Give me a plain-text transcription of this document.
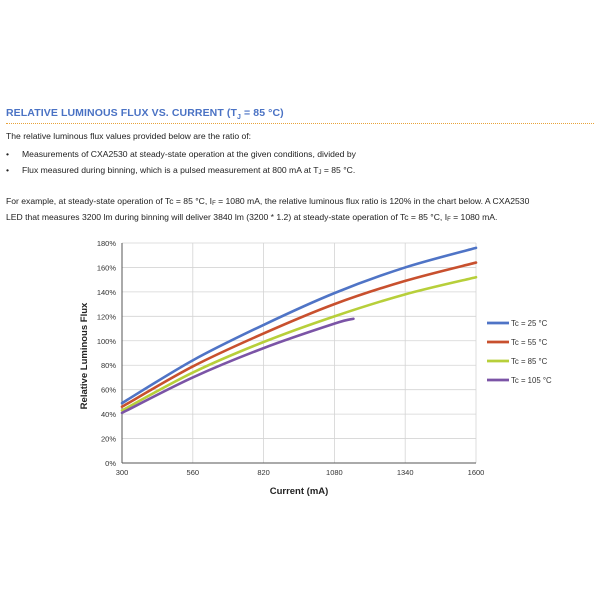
RELATIVE LUMINOUS FLUX VS. CURRENT ($T_J = 85$ °C)
The relative luminous flux values provided below are the ratio of:
• Measurements of CXA2530 at steady-state operation at the given conditions, divided by
• Flux measured during binning, which is a pulsed measurement at 800 mA at $T_J = 85$ °C.
For example, at steady-state operation of Tc = 85 °C, $I_F = 1080$ mA, the relative luminous flux ratio is 120% in the chart below. A CXA2530
LED that measures 3200 lm during binning will deliver 3840 lm (3200 * 1.2) at steady-state operation of Tc = 85 °C, $I_F = 1080$ mA.
0%
20%
40%
60%
80%
100%
120%
140%
160%
180%
300	560	820	1080	1340	1600
Current (mA)
Relative Luminous Flux	Tc = 25 °C
Tc = 55 °C
Tc = 85 °C
Tc = 105 °C
